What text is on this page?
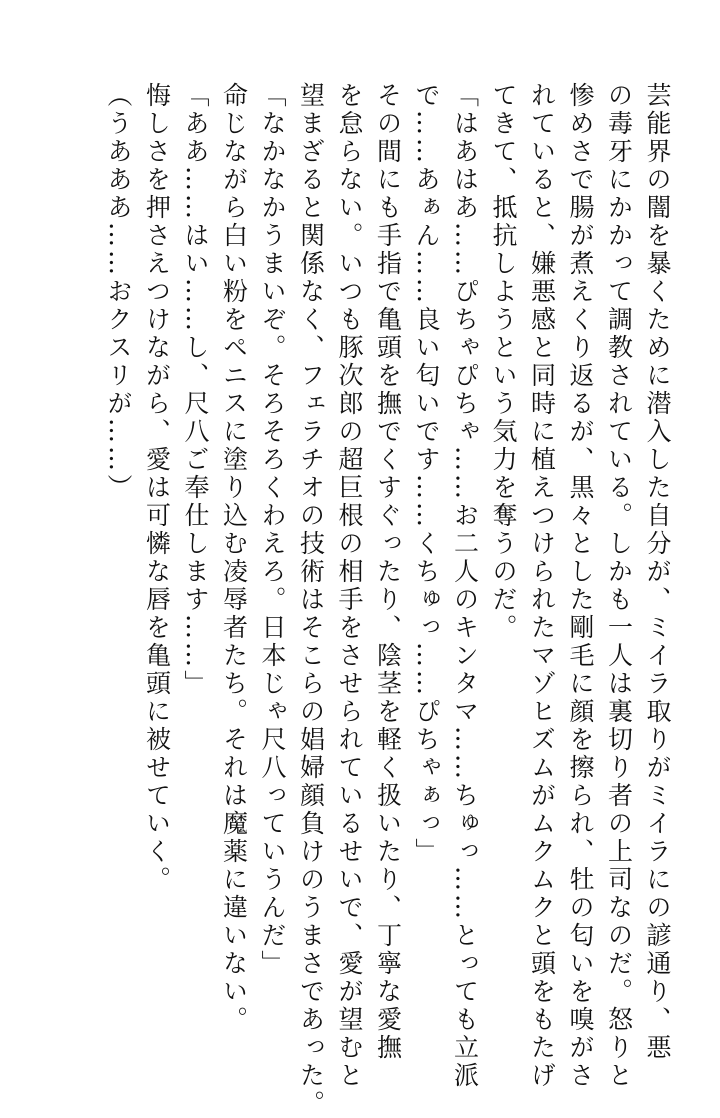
芸能界の闇を暴くために潜入した自分が、ミイラ取りがミイラにの諺通り、悪

の毒牙にかかって調教されている。しかも一人は裏切り者の上司なのだ。怒りと

惨めさで腸が煮えくり返るが、黒々とした剛毛に顔を擦られ、牡の匂いを嗅がさ

れていると、嫌悪感と同時に植えつけられたマゾヒズムがムクムクと頭をもたげ

てきて、抵抗しようという気力を奪うのだ。

「はあはあ……ぴちゃぴちゃ……お二人のキンタマ……ちゅっ……とっても立派

で……あぁん……良い匂いです……くちゅっ……ぴちゃぁっ」

その間にも手指で亀頭を撫でくすぐったり、陰茎を軽く扱いたり、丁寧な愛撫

を怠らない。いつも豚次郎の超巨根の相手をさせられているせいで、愛が望むと

望まざると関係なく、フェラチオの技術はそこらの娼婦顔負けのうまさであった。

「なかなかうまいぞ。そろそろくわえろ。日本じゃ尺八っていうんだ」

命じながら白い粉をペニスに塗り込む凌辱者たち。それは魔薬に違いない。

「ああ……はい……し、尺八ご奉仕します……」

悔しさを押さえつけながら、愛は可憐な唇を亀頭に被せていく。

（うあああ……おクスリが……）
